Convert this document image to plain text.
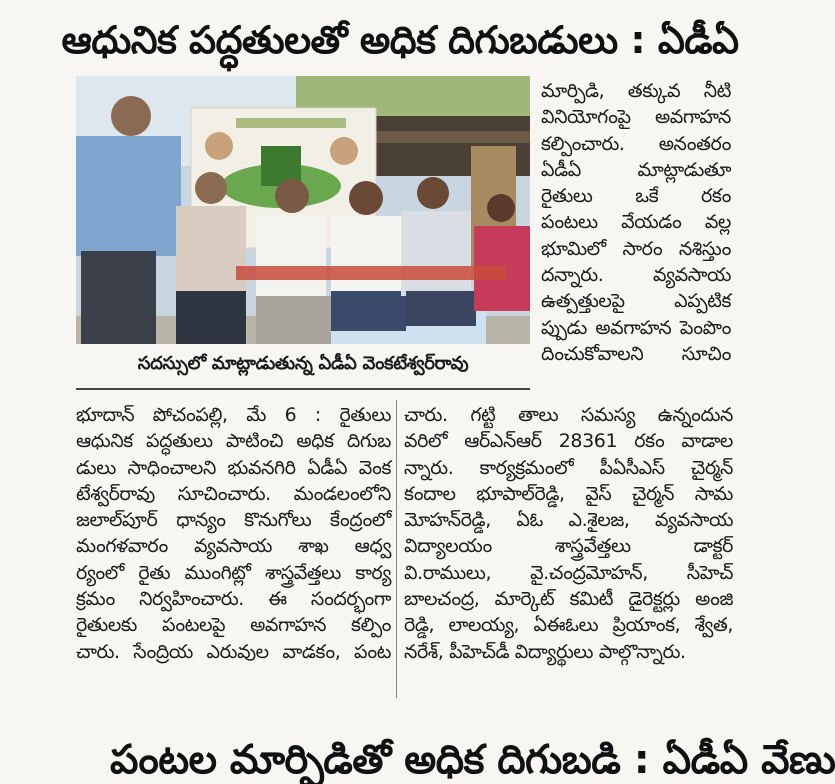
ఆధునిక పద్ధతులతో అధిక దిగుబడులు : ఏడీఏ
సదస్సులో మాట్లాడుతున్న ఏడీఏ వెంకటేశ్వర్‌రావు
మార్పిడి, తక్కువ నీటి
వినియోగంపై అవగాహన
కల్పించారు. అనంతరం
ఏడీఏ మాట్లాడుతూ
రైతులు ఒకే రకం
పంటలు వేయడం వల్ల
భూమిలో సారం నశిస్తుం
దన్నారు. వ్యవసాయ
ఉత్పత్తులపై ఎప్పటిక
ప్పుడు అవగాహన పెంపొం
దించుకోవాలని సూచిం
భూదాన్ పోచంపల్లి, మే 6 : రైతులు
ఆధునిక పద్ధతులు పాటించి అధిక దిగుబ
డులు సాధించాలని భువనగిరి ఏడీఏ వెంక
టేశ్వర్‌రావు సూచించారు. మండలంలోని
జలాల్‌పూర్ ధాన్యం కొనుగోలు కేంద్రంలో
మంగళవారం వ్యవసాయ శాఖ ఆధ్వ
ర్యంలో రైతు ముంగిట్లో శాస్త్రవేత్తలు కార్య
క్రమం నిర్వహించారు. ఈ సందర్భంగా
రైతులకు పంటలపై అవగాహన కల్పిం
చారు. సేంద్రియ ఎరువుల వాడకం, పంట
చారు. గట్టి తాలు సమస్య ఉన్నందున
వరిలో ఆర్‌ఎన్‌ఆర్ 28361 రకం వాడాల
న్నారు. కార్యక్రమంలో పీఏసీఎస్ చైర్మన్
కందాల భూపాల్‌రెడ్డి, వైస్ చైర్మన్ సామ
మోహన్‌రెడ్డి, ఏఓ ఎ.శైలజ, వ్యవసాయ
విద్యాలయం శాస్త్రవేత్తలు డాక్టర్
వి.రాములు, వై.చంద్రమోహన్, సీహెచ్
బాలచంద్ర, మార్కెట్ కమిటీ డైరెక్టర్లు అంజి
రెడ్డి, లాలయ్య, ఏఈఓలు ప్రియాంక, శ్వేత,
నరేశ్, పీహెచ్‌డీ విద్యార్థులు పాల్గొన్నారు.
పంటల మార్పిడితో అధిక దిగుబడి : ఏడీఏ వేణు
